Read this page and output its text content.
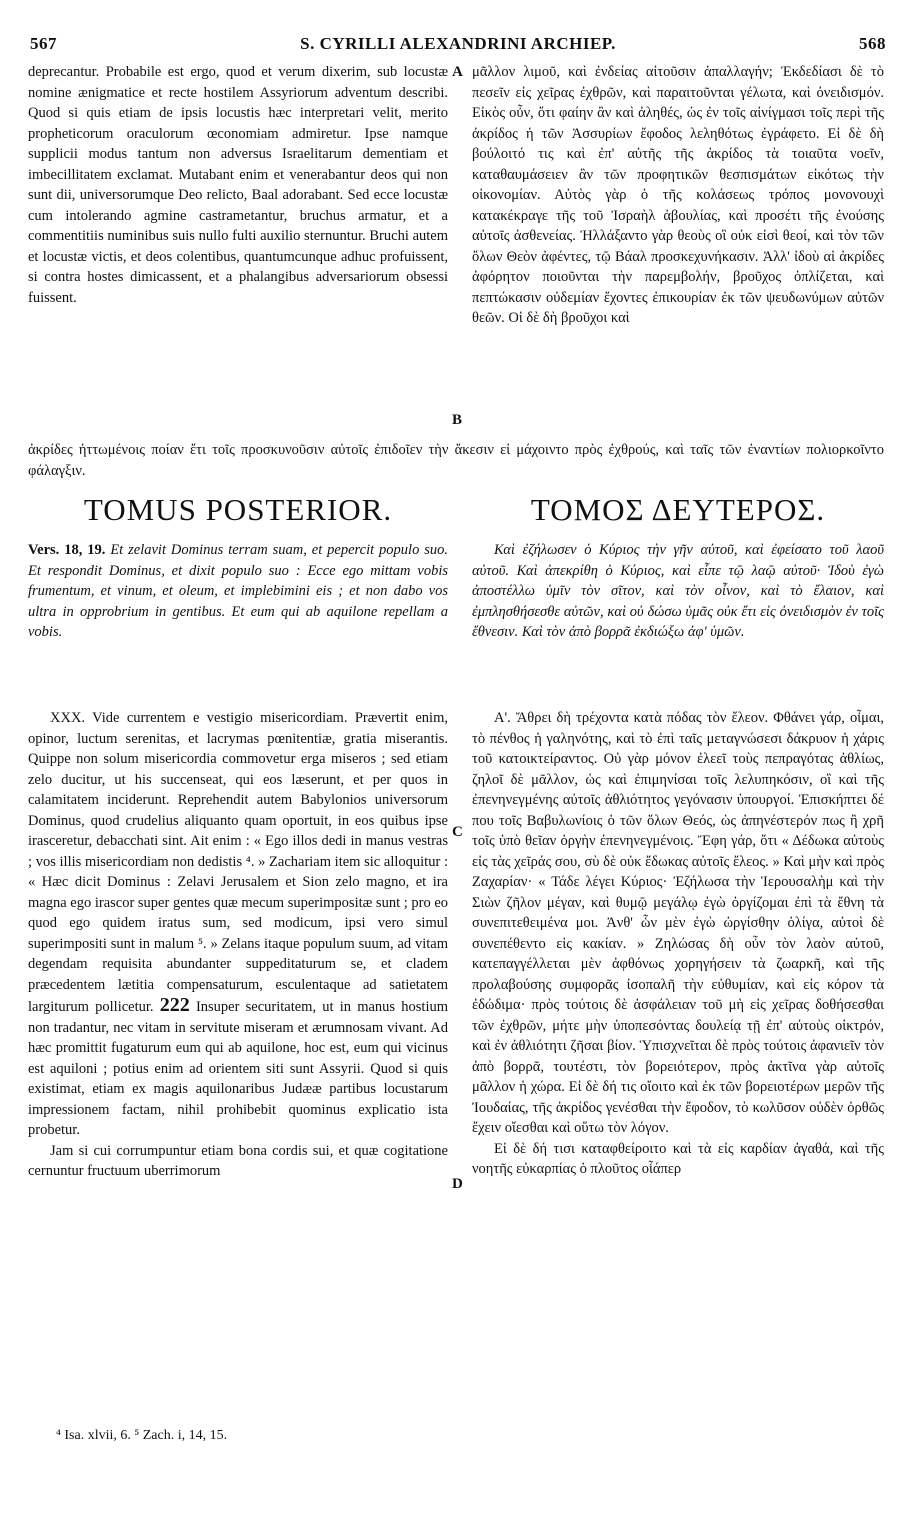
567	S. CYRILLI ALEXANDRINI ARCHIEP.	568

deprecantur. Probabile est ergo, quod et verum dixerim, sub locustæ nomine ænigmatice et recte hostilem Assyriorum adventum describi. Quod si quis etiam de ipsis locustis hæc interpretari velit, merito propheticorum oraculorum œconomiam admiretur. Ipse namque supplicii modus tantum non adversus Israelitarum dementiam et imbecillitatem exclamat. Mutabant enim et venerabantur deos qui non sunt dii, universorumque Deo relicto, Baal adorabant. Sed ecce locustæ cum intolerando agmine castrametantur, bruchus armatur, et a commentitiis numinibus suis nullo fulti auxilio sternuntur. Bruchi autem et locustæ victis, et deos colentibus, quantumcunque adhuc profuissent, si contra hostes dimicassent, et a phalangibus adversariorum obsessi fuissent.

μᾶλλον λιμοῦ, καὶ ἐνδείας αἰτοῦσιν ἀπαλλαγήν; Ἐκδεδίασι δὲ τὸ πεσεῖν εἰς χεῖρας ἐχθρῶν, καὶ παραιτοῦνται γέλωτα, καὶ ὀνειδισμόν. Εἰκὸς οὖν, ὅτι φαίην ἂν καὶ ἀληθές, ὡς ἐν τοῖς αἰνίγμασι τοῖς περὶ τῆς ἀκρίδος ἡ τῶν Ἀσσυρίων ἔφοδος λεληθότως ἐγράφετο. Εἰ δὲ δὴ βούλοιτό τις καὶ ἐπ' αὐτῆς τῆς ἀκρίδος τὰ τοιαῦτα νοεῖν, καταθαυμάσειεν ἂν τῶν προφητικῶν θεσπισμάτων εἰκότως τὴν οἰκονομίαν. Αὐτὸς γὰρ ὁ τῆς κολάσεως τρόπος μονονουχὶ κατακέκραγε τῆς τοῦ Ἰσραὴλ ἀβουλίας, καὶ προσέτι τῆς ἐνούσης αὐτοῖς ἀσθενείας. Ἠλλάξαντο γὰρ θεοὺς οἳ οὐκ εἰσὶ θεοί, καὶ τὸν τῶν ὅλων Θεὸν ἀφέντες, τῷ Βάαλ προσκεχυνήκασιν. Ἀλλ' ἰδοὺ αἱ ἀκρίδες ἀφόρητον ποιοῦνται τὴν παρεμβολήν, βροῦχος ὁπλίζεται, καὶ πεπτώκασιν οὐδεμίαν ἔχοντες ἐπικουρίαν ἐκ τῶν ψευδωνύμων αὐτῶν θεῶν. Οἱ δὲ δὴ βροῦχοι καὶ

A
B
ἀκρίδες ἡττωμένοις ποίαν ἔτι τοῖς προσκυνοῦσιν αὐτοῖς ἐπιδοῖεν τὴν ἄκεσιν εἰ μάχοιντο πρὸς ἐχθρούς, καὶ ταῖς τῶν ἐναντίων πολιορκοῖντο φάλαγξιν.
TOMUS POSTERIOR.	ΤΟΜΟΣ ΔΕΥΤΕΡΟΣ.

Vers. 18, 19. Et zelavit Dominus terram suam, et pepercit populo suo. Et respondit Dominus, et dixit populo suo : Ecce ego mittam vobis frumentum, et vinum, et oleum, et implebimini eis ; et non dabo vos ultra in opprobrium in gentibus. Et eum qui ab aquilone repellam a vobis.

Καὶ ἐζήλωσεν ὁ Κύριος τὴν γῆν αὐτοῦ, καὶ ἐφείσατο τοῦ λαοῦ αὐτοῦ. Καὶ ἀπεκρίθη ὁ Κύριος, καὶ εἶπε τῷ λαῷ αὐτοῦ· Ἰδοὺ ἐγὼ ἀποστέλλω ὑμῖν τὸν σῖτον, καὶ τὸν οἶνον, καὶ τὸ ἔλαιον, καὶ ἐμπλησθήσεσθε αὐτῶν, καὶ οὐ δώσω ὑμᾶς οὐκ ἔτι εἰς ὀνειδισμὸν ἐν τοῖς ἔθνεσιν. Καὶ τὸν ἀπὸ βορρᾶ ἐκδιώξω ἀφ' ὑμῶν.

XXX. Vide currentem e vestigio misericordiam. Prævertit enim, opinor, luctum serenitas, et lacrymas pœnitentiæ, gratia miserantis. Quippe non solum misericordia commovetur erga miseros ; sed etiam zelo ducitur, ut his succenseat, qui eos læserunt, et per quos in calamitatem inciderunt. Reprehendit autem Babylonios universorum Dominus, quod crudelius aliquanto quam oportuit, in eos quibus ipse irasceretur, debacchati sint. Ait enim : « Ego illos dedi in manus vestras ; vos illis misericordiam non dedistis ⁴. » Zachariam item sic alloquitur : « Hæc dicit Dominus : Zelavi Jerusalem et Sion zelo magno, et ira magna ego irascor super gentes quæ mecum superimpositæ sunt ; pro eo quod ego quidem iratus sum, sed modicum, ipsi vero simul superimpositi sunt in malum ⁵. » Zelans itaque populum suum, ad vitam degendam requisita abundanter suppeditaturum se, et cladem præcedentem lætitia compensaturum, esculentaque ad satietatem largiturum pollicetur. 222 Insuper securitatem, ut in manus hostium non tradantur, nec vitam in servitute miseram et ærumnosam vivant. Ad hæc promittit fugaturum eum qui ab aquilone, hoc est, eum qui vicinus est aquiloni ; potius enim ad orientem siti sunt Assyrii. Quod si quis existimat, etiam ex magis aquilonaribus Judææ partibus locustarum impressionem factam, nihil prohibebit quominus explicatio ista probetur.

Jam si cui corrumpuntur etiam bona cordis sui, et quæ cogitatione cernuntur fructuum uberrimorum

Α'. Ἄθρει δὴ τρέχοντα κατὰ πόδας τὸν ἔλεον. Φθάνει γάρ, οἶμαι, τὸ πένθος ἡ γαληνότης, καὶ τὸ ἐπὶ ταῖς μεταγνώσεσι δάκρυον ἡ χάρις τοῦ κατοικτείραντος. Οὐ γὰρ μόνον ἐλεεῖ τοὺς πεπραγότας ἀθλίως, ζηλοῖ δὲ μᾶλλον, ὡς καὶ ἐπιμηνίσαι τοῖς λελυπηκόσιν, οἳ καὶ τῆς ἐπενηνεγμένης αὐτοῖς ἀθλιότητος γεγόνασιν ὑπουργοί. Ἐπισκήπτει δέ που τοῖς Βαβυλωνίοις ὁ τῶν ὅλων Θεός, ὡς ἀπηνέστερόν πως ἢ χρῆ τοῖς ὑπὸ θεῖαν ὀργὴν ἐπενηνεγμένοις. Ἔφη γάρ, ὅτι « Δέδωκα αὐτοὺς εἰς τὰς χεῖράς σου, σὺ δὲ οὐκ ἔδωκας αὐτοῖς ἔλεος. » Καὶ μὴν καὶ πρὸς Ζαχαρίαν· « Τάδε λέγει Κύριος· Ἐζήλωσα τὴν Ἱερουσαλὴμ καὶ τὴν Σιὼν ζῆλον μέγαν, καὶ θυμῷ μεγάλῳ ἐγὼ ὀργίζομαι ἐπὶ τὰ ἔθνη τὰ συνεπιτεθειμένα μοι. Ἀνθ' ὧν μὲν ἐγὼ ὠργίσθην ὀλίγα, αὐτοὶ δὲ συνεπέθεντο εἰς κακίαν. » Ζηλώσας δὴ οὖν τὸν λαὸν αὐτοῦ, κατεπαγγέλλεται μὲν ἀφθόνως χορηγήσειν τὰ ζωαρκῆ, καὶ τῆς προλαβούσης συμφορᾶς ἰσοπαλῆ τὴν εὐθυμίαν, καὶ εἰς κόρον τὰ ἐδώδιμα· πρὸς τούτοις δὲ ἀσφάλειαν τοῦ μὴ εἰς χεῖρας δοθήσεσθαι τῶν ἐχθρῶν, μήτε μὴν ὑποπεσόντας δουλείᾳ τῇ ἐπ' αὐτοὺς οἰκτρόν, καὶ ἐν ἀθλιότητι ζῆσαι βίον. Ὑπισχνεῖται δὲ πρὸς τούτοις ἀφανιεῖν τὸν ἀπὸ βορρᾶ, τουτέστι, τὸν βορειότερον, πρὸς ἀκτῖνα γὰρ αὐτοῖς μᾶλλον ἡ χώρα. Εἰ δὲ δή τις οἴοιτο καὶ ἐκ τῶν βορειοτέρων μερῶν τῆς Ἰουδαίας, τῆς ἀκρίδος γενέσθαι τὴν ἔφοδον, τὸ κωλῦσον οὐδὲν ὀρθῶς ἔχειν οἴεσθαι καὶ οὕτω τὸν λόγον.

Εἰ δὲ δή τισι καταφθείροιτο καὶ τὰ εἰς καρδίαν ἀγαθά, καὶ τῆς νοητῆς εὐκαρπίας ὁ πλοῦτος οἷάπερ

C
D
⁴ Isa. xlvii, 6. ⁵ Zach. i, 14, 15.
